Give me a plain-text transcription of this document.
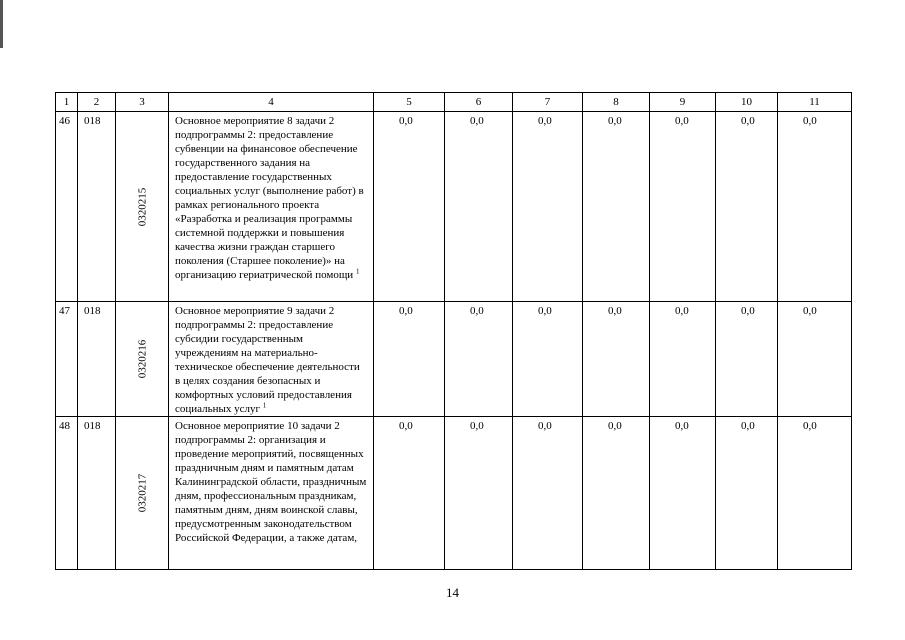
1	2	3	4	5	6	7	8	9	10	11
46	018	0320215	Основное мероприятие 8 задачи 2 подпрограммы 2: предоставление субвенции на финансовое обеспечение государственного задания на предоставление государственных социальных услуг (выполнение работ) в рамках регионального проекта «Разработка и реализация программы системной поддержки и повышения качества жизни граждан старшего поколения (Старшее поколение)» на организацию гериатрической помощи $^1$	0,0	0,0	0,0	0,0	0,0	0,0	0,0
47	018	0320216	Основное мероприятие 9 задачи 2 подпрограммы 2: предоставление субсидии государственным учреждениям на материально-техническое обеспечение деятельности в целях создания безопасных и комфортных условий предоставления социальных услуг $^1$	0,0	0,0	0,0	0,0	0,0	0,0	0,0
48	018	0320217	Основное мероприятие 10 задачи 2 подпрограммы 2: организация и проведение мероприятий, посвященных праздничным дням и памятным датам Калининградской области, праздничным дням, профессиональным праздникам, памятным дням, дням воинской славы, предусмотренным законодательством Российской Федерации, а также датам,	0,0	0,0	0,0	0,0	0,0	0,0	0,0
14
